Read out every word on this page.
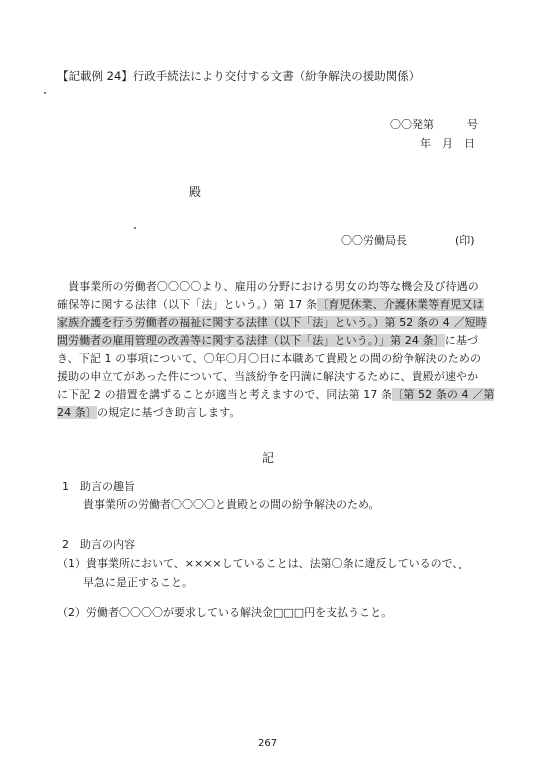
【記載例 24】行政手続法により交付する文書（紛争解決の援助関係）
〇〇発第　　　号
年　月　日
殿
〇〇労働局長	(印)
　貴事業所の労働者〇〇〇〇より、雇用の分野における男女の均等な機会及び待遇の
確保等に関する法律（以下「法」という。）第 17 条〔育児休業、介護休業等育児又は
家族介護を行う労働者の福祉に関する法律（以下「法」という。）第 52 条の 4 ／短時
間労働者の雇用管理の改善等に関する法律（以下「法」という。）」第 24 条〕に基づ
き、下記 1 の事項について、〇年〇月〇日に本職あて貴殿との間の紛争解決のための
援助の申立てがあった件について、当該紛争を円満に解決するために、貴殿が速やか
に下記 2 の措置を講ずることが適当と考えますので、同法第 17 条〔第 52 条の 4 ／第
24 条〕の規定に基づき助言します。
記
1　助言の趣旨
貴事業所の労働者〇〇〇〇と貴殿との間の紛争解決のため。
2　助言の内容
（1）貴事業所において、××××していることは、法第〇条に違反しているので、
早急に是正すること。
（2）労働者〇〇〇〇が要求している解決金□□□円を支払うこと。
267
